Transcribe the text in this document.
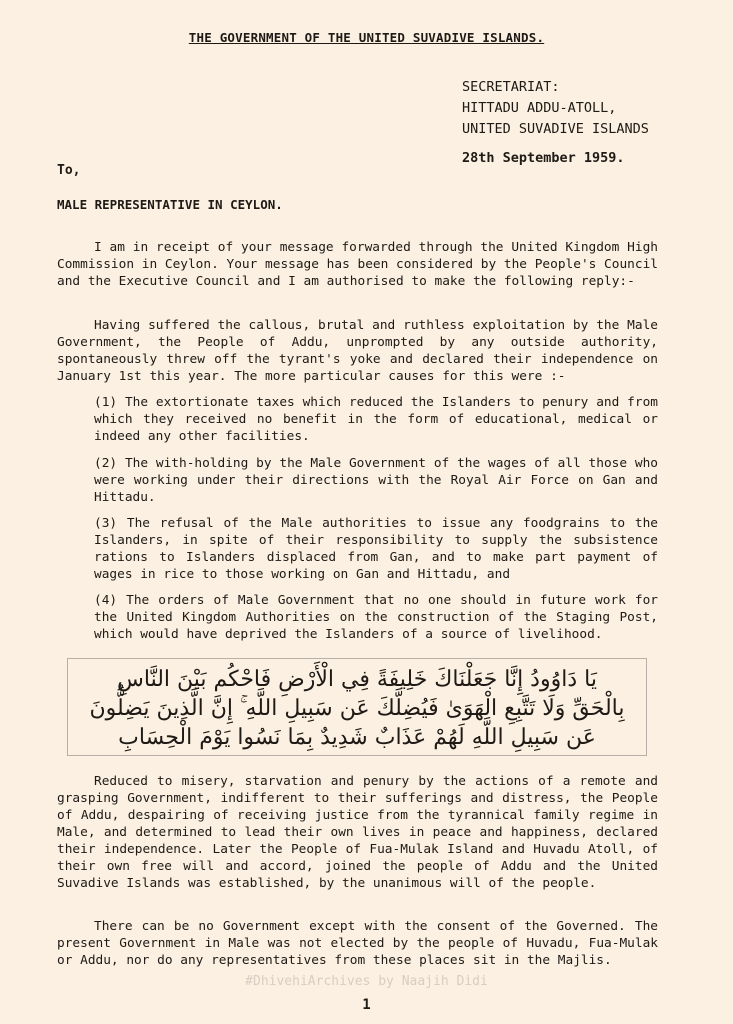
THE GOVERNMENT OF THE UNITED SUVADIVE ISLANDS.
SECRETARIAT:
HITTADU ADDU-ATOLL,
UNITED SUVADIVE ISLANDS
28th September 1959.
To,
MALE REPRESENTATIVE IN CEYLON.

I am in receipt of your message forwarded through the United Kingdom High Commission in Ceylon. Your message has been considered by the People's Council and the Executive Council and I am authorised to make the following reply:-

Having suffered the callous, brutal and ruthless exploitation by the Male Government, the People of Addu, unprompted by any outside authority, spontaneously threw off the tyrant's yoke and declared their independence on January 1st this year. The more particular causes for this were :-

(1) The extortionate taxes which reduced the Islanders to penury and from which they received no benefit in the form of educational, medical or indeed any other facilities.

(2) The with-holding by the Male Government of the wages of all those who were working under their directions with the Royal Air Force on Gan and Hittadu.

(3) The refusal of the Male authorities to issue any foodgrains to the Islanders, in spite of their responsibility to supply the subsistence rations to Islanders displaced from Gan, and to make part payment of wages in rice to those working on Gan and Hittadu, and

(4) The orders of Male Government that no one should in future work for the United Kingdom Authorities on the construction of the Staging Post, which would have deprived the Islanders of a source of livelihood.

يَا دَاوُودُ إِنَّا جَعَلْنَاكَ خَلِيفَةً فِي الْأَرْضِ فَاحْكُم بَيْنَ النَّاسِ بِالْحَقِّ وَلَا تَتَّبِعِ الْهَوَىٰ فَيُضِلَّكَ عَن سَبِيلِ اللَّهِ ۚ إِنَّ الَّذِينَ يَضِلُّونَ عَن سَبِيلِ اللَّهِ لَهُمْ عَذَابٌ شَدِيدٌ بِمَا نَسُوا يَوْمَ الْحِسَابِ

Reduced to misery, starvation and penury by the actions of a remote and grasping Government, indifferent to their sufferings and distress, the People of Addu, despairing of receiving justice from the tyrannical family regime in Male, and determined to lead their own lives in peace and happiness, declared their independence. Later the People of Fua-Mulak Island and Huvadu Atoll, of their own free will and accord, joined the people of Addu and the United Suvadive Islands was established, by the unanimous will of the people.

There can be no Government except with the consent of the Governed. The present Government in Male was not elected by the people of Huvadu, Fua-Mulak or Addu, nor do any representatives from these places sit in the Majlis.

#DhivehiArchives by Naajih Didi
1
